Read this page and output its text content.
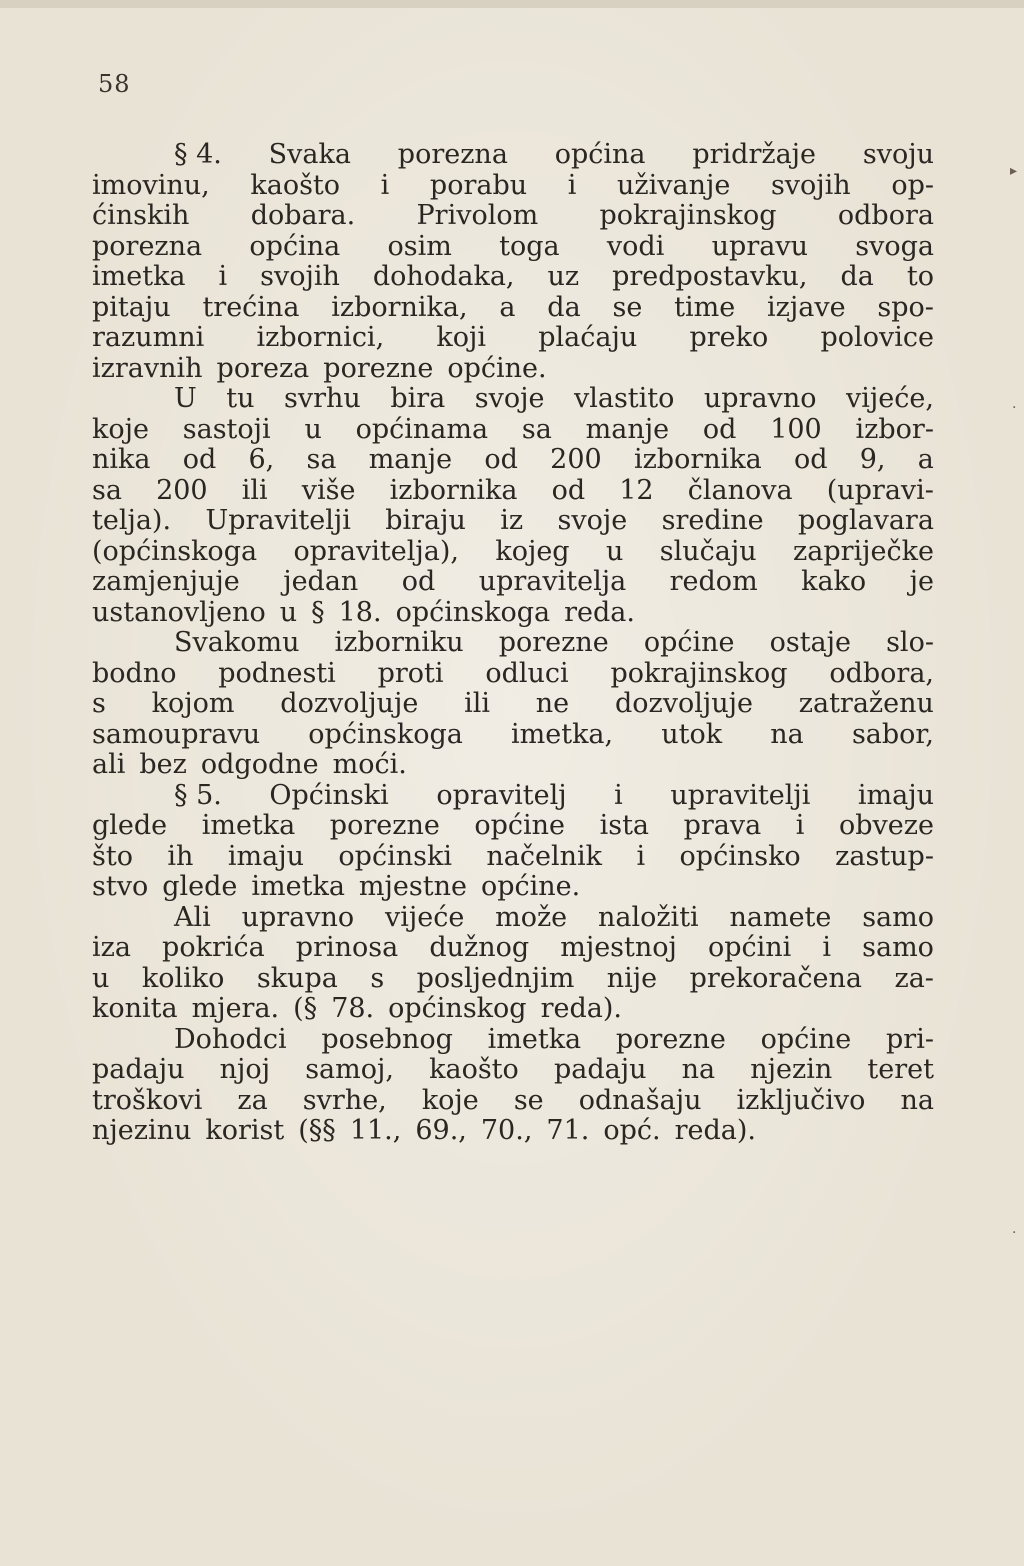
58
§ 4. Svaka porezna općina pridržaje svoju
imovinu, kaošto i porabu i uživanje svojih op-
ćinskih dobara. Privolom pokrajinskog odbora
porezna općina osim toga vodi upravu svoga
imetka i svojih dohodaka, uz predpostavku, da to
pitaju trećina izbornika, a da se time izjave spo-
razumni izbornici, koji plaćaju preko polovice
izravnih poreza porezne općine.
U tu svrhu bira svoje vlastito upravno vijeće,
koje sastoji u općinama sa manje od 100 izbor-
nika od 6, sa manje od 200 izbornika od 9, a
sa 200 ili više izbornika od 12 članova (upravi-
telja). Upravitelji biraju iz svoje sredine poglavara
(općinskoga opravitelja), kojeg u slučaju zapriječke
zamjenjuje jedan od upravitelja redom kako je
ustanovljeno u § 18. općinskoga reda.
Svakomu izborniku porezne općine ostaje slo-
bodno podnesti proti odluci pokrajinskog odbora,
s kojom dozvoljuje ili ne dozvoljuje zatraženu
samoupravu općinskoga imetka, utok na sabor,
ali bez odgodne moći.
§ 5. Općinski opravitelj i upravitelji imaju
glede imetka porezne općine ista prava i obveze
što ih imaju općinski načelnik i općinsko zastup-
stvo glede imetka mjestne općine.
Ali upravno vijeće može naložiti namete samo
iza pokrića prinosa dužnog mjestnoj općini i samo
u koliko skupa s posljednjim nije prekoračena za-
konita mjera. (§ 78. općinskog reda).
Dohodci posebnog imetka porezne općine pri-
padaju njoj samoj, kaošto padaju na njezin teret
troškovi za svrhe, koje se odnašaju izključivo na
njezinu korist (§§ 11., 69., 70., 71. opć. reda).
▸
·
·
